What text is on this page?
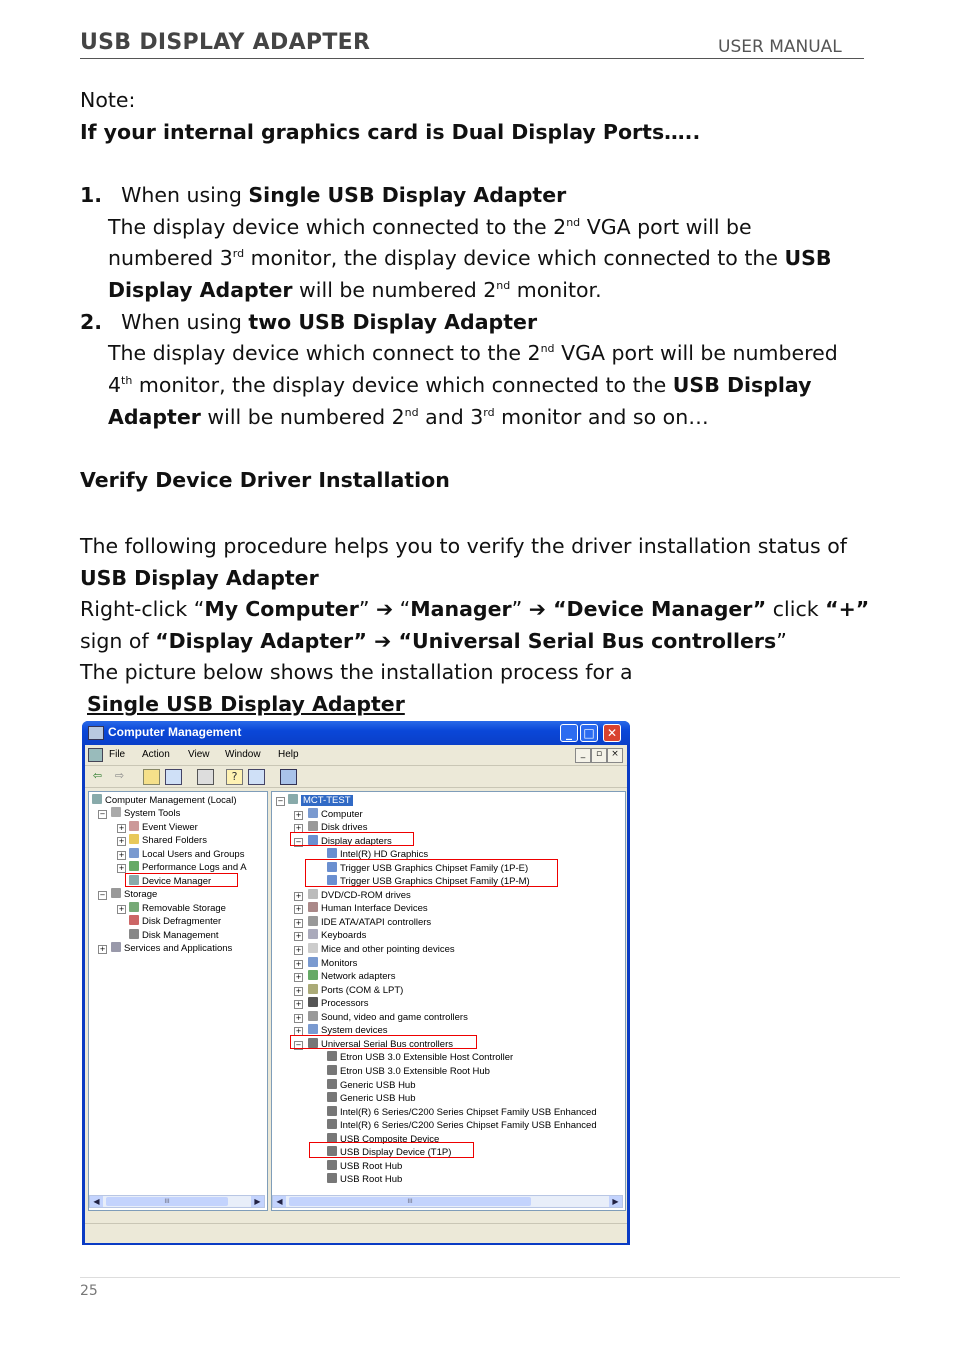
USB DISPLAY ADAPTER	USER MANUAL
Note:
If your internal graphics card is Dual Display Ports…..
1. When using Single USB Display Adapter
The display device which connected to the 2nd VGA port will be
numbered 3rd monitor, the display device which connected to the USB
Display Adapter will be numbered 2nd monitor.
2. When using two USB Display Adapter
The display device which connect to the 2nd VGA port will be numbered
4th monitor, the display device which connected to the USB Display
Adapter will be numbered 2nd and 3rd monitor and so on…
Verify Device Driver Installation
The following procedure helps you to verify the driver installation status of
USB Display Adapter
Right-click “My Computer” ➔ “Manager” ➔ “Device Manager” click “+”
sign of “Display Adapter” ➔ “Universal Serial Bus controllers”
The picture below shows the installation process for a
Single USB Display Adapter
Computer Management	_ □	✕
File Action View Window Help	_	▫	×
⇦ ⇨	?
Computer Management (Local)
−	System Tools
+	Event Viewer
+	Shared Folders
+	Local Users and Groups
+	Performance Logs and A
Device Manager
−	Storage
+	Removable Storage
Disk Defragmenter
Disk Management
+	Services and Applications
◀	III	▶
−	MCT-TEST
+	Computer
+	Disk drives
−	Display adapters
Intel(R) HD Graphics
Trigger USB Graphics Chipset Family (1P-E)
Trigger USB Graphics Chipset Family (1P-M)
+	DVD/CD-ROM drives
+	Human Interface Devices
+	IDE ATA/ATAPI controllers
+	Keyboards
+	Mice and other pointing devices
+	Monitors
+	Network adapters
+	Ports (COM & LPT)
+	Processors
+	Sound, video and game controllers
+	System devices
−	Universal Serial Bus controllers
Etron USB 3.0 Extensible Host Controller
Etron USB 3.0 Extensible Root Hub
Generic USB Hub
Generic USB Hub
Intel(R) 6 Series/C200 Series Chipset Family USB Enhanced
Intel(R) 6 Series/C200 Series Chipset Family USB Enhanced
USB Composite Device
USB Display Device (T1P)
USB Root Hub
USB Root Hub
◀	III	▶
25
